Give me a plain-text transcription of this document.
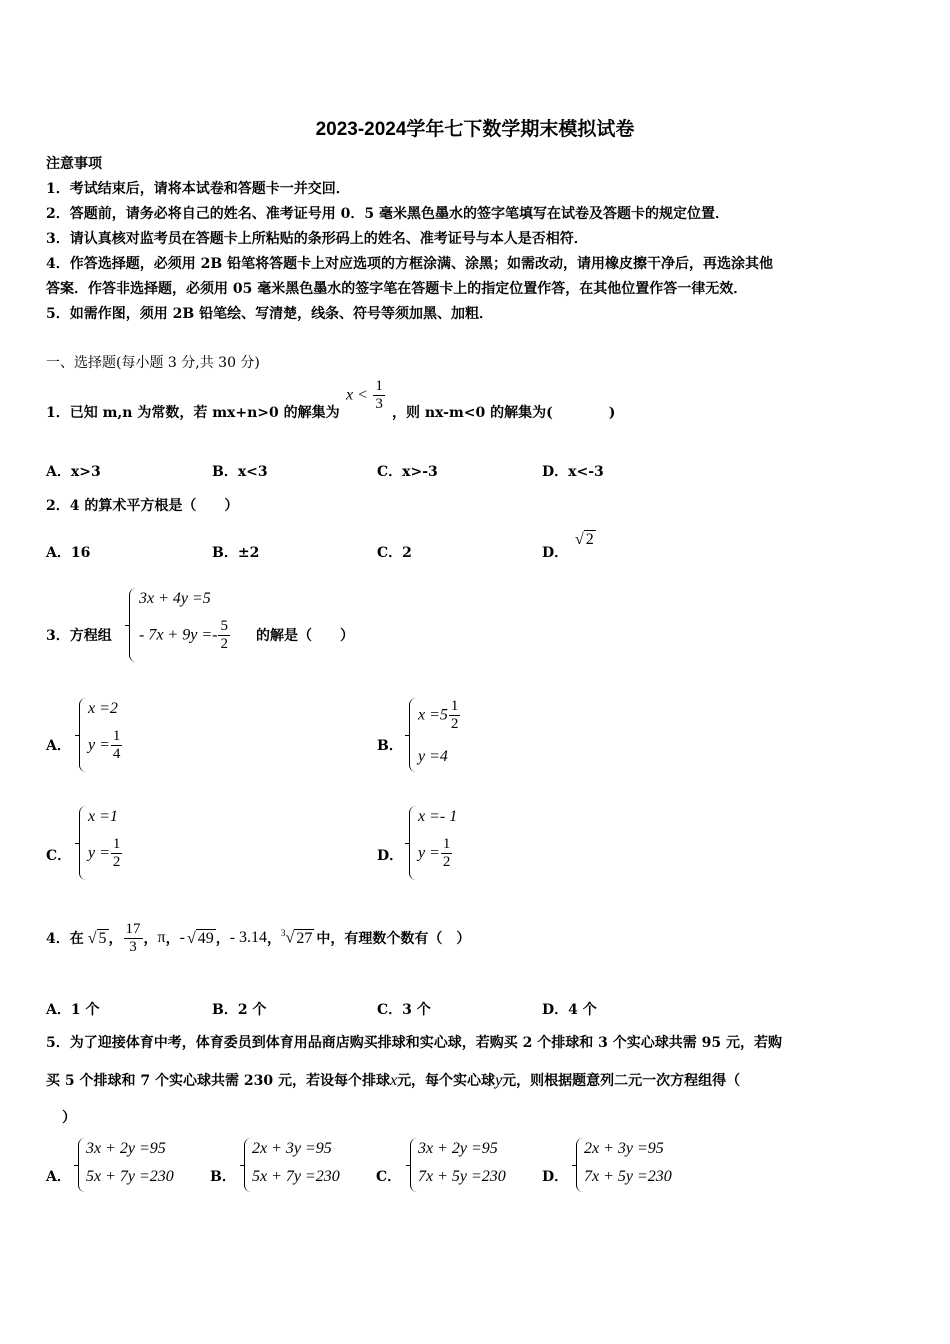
2023-2024学年七下数学期末模拟试卷
注意事项
1．考试结束后，请将本试卷和答题卡一并交回．
2．答题前，请务必将自己的姓名、准考证号用 0．5 毫米黑色墨水的签字笔填写在试卷及答题卡的规定位置．
3．请认真核对监考员在答题卡上所粘贴的条形码上的姓名、准考证号与本人是否相符．
4．作答选择题，必须用 2B 铅笔将答题卡上对应选项的方框涂满、涂黑；如需改动，请用橡皮擦干净后，再选涂其他
答案．作答非选择题，必须用 05 毫米黑色墨水的签字笔在答题卡上的指定位置作答，在其他位置作答一律无效．
5．如需作图，须用 2B 铅笔绘、写清楚，线条、符号等须加黑、加粗．
一、选择题(每小题 3 分,共 30 分)
1．已知 m,n 为常数，若 mx+n>0 的解集为
$x < \frac{1}{3}$ ，则 nx-m<0 的解集为(　　　　)
A．x>3	B．x<3	C．x>-3	D．x<-3
2．4 的算术平方根是（　　）
A．16	B．±2	C．2	D．
√ 2
3．方程组
3x + 4y =5
- $7x + 9y =- \frac{5}{2}$ 的解是（　　）
A．
x =2
$y = \frac{1}{4}$	B．
$x =5 \frac{1}{2}$
y =4
C．
x =1
$y = \frac{1}{2}$	D．
x =- 1
$y = \frac{1}{2}$
4．在 √ 5 ， $\frac{17}{3}$ ， π ， - √ 49 ， - 3.14 ， $^3$√ 27 中，有理数个数有（　）
A．1 个	B．2 个	C．3 个	D．4 个
5．为了迎接体育中考，体育委员到体育用品商店购买排球和实心球，若购买 2 个排球和 3 个实心球共需 95 元，若购
买 5 个排球和 7 个实心球共需 230 元，若设每个排球x元，每个实心球y元，则根据题意列二元一次方程组得（
）
A．
3x + 2y =95
5x + 7y =230	B．
2x + 3y =95
5x + 7y =230	C．
3x + 2y =95
7x + 5y =230	D．
2x + 3y =95
7x + 5y =230
